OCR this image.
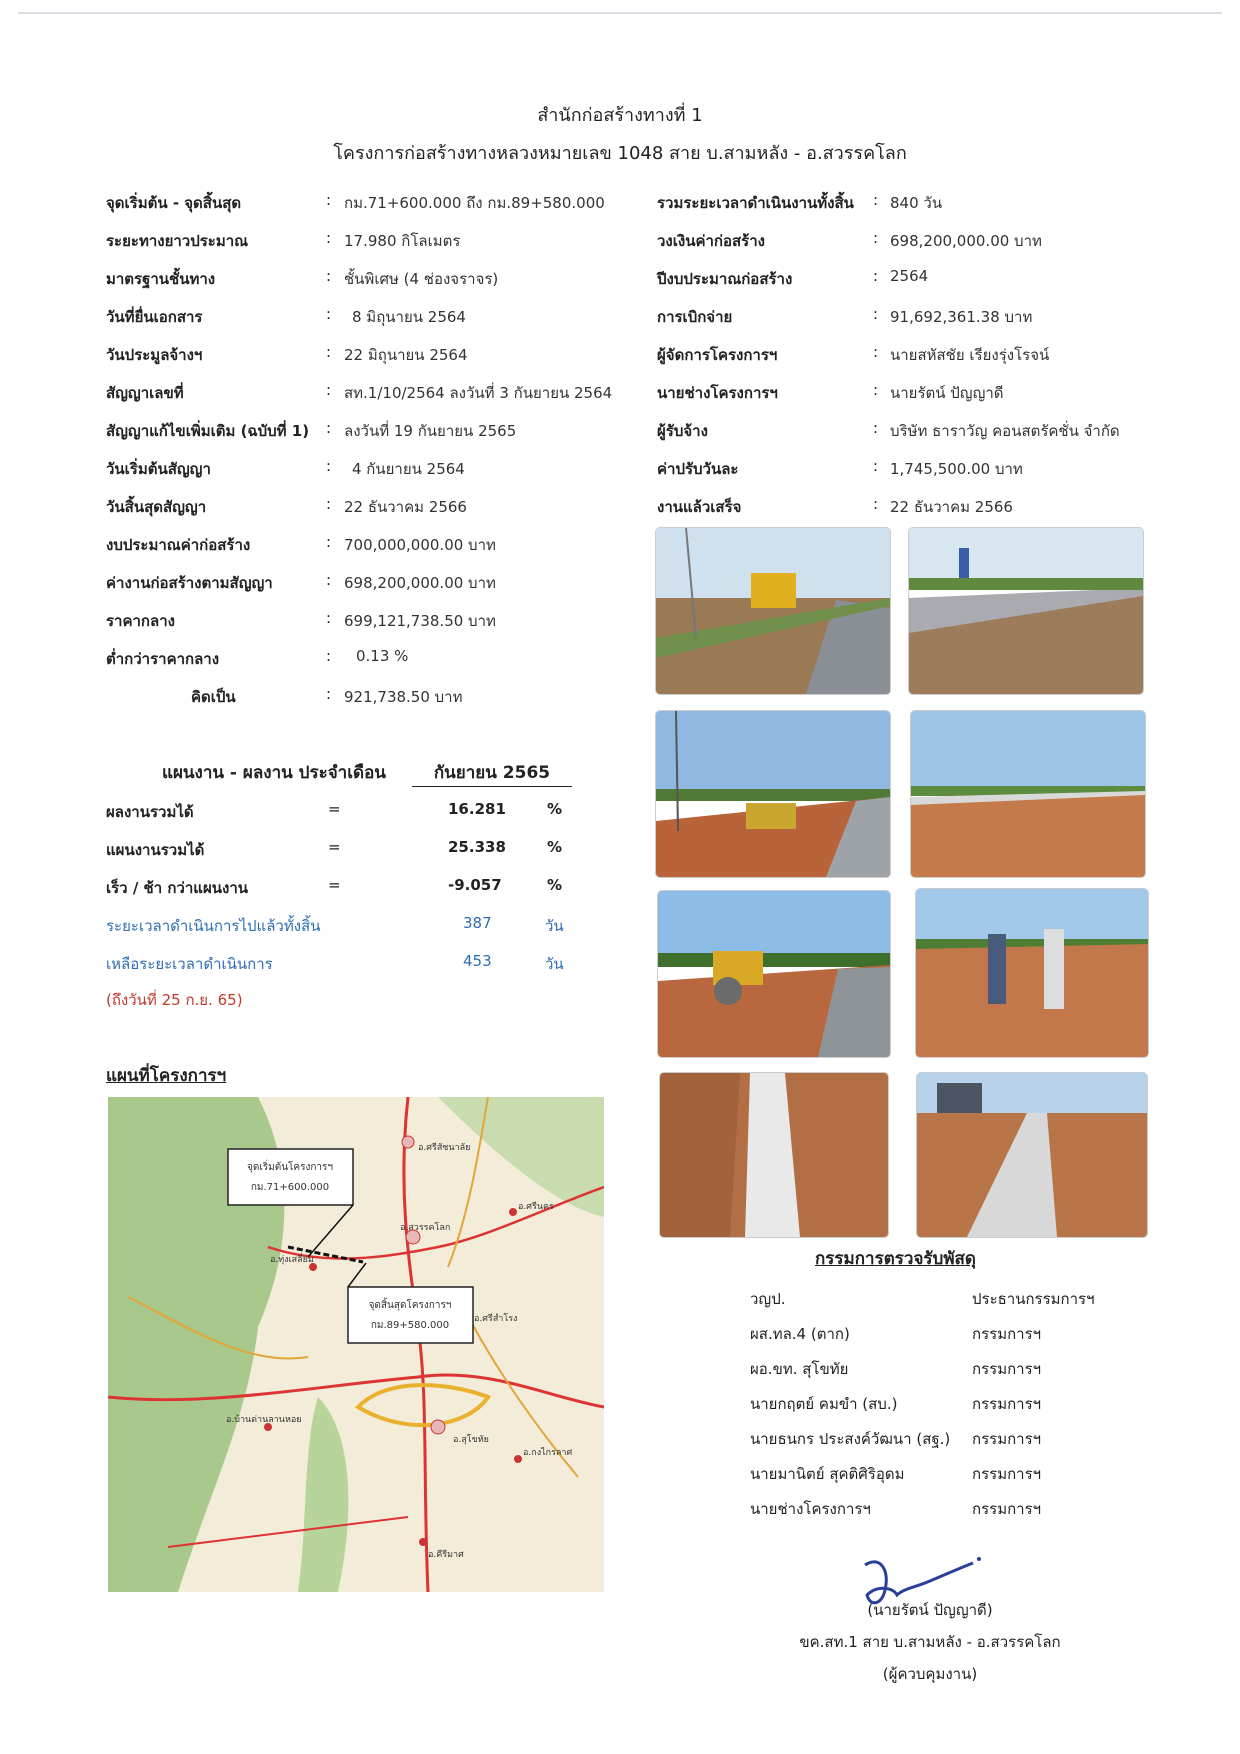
สำนักก่อสร้างทางที่ 1
โครงการก่อสร้างทางหลวงหมายเลข 1048 สาย บ.สามหลัง - อ.สวรรคโลก
จุดเริ่มต้น - จุดสิ้นสุด	: กม.71+600.000 ถึง กม.89+580.000
ระยะทางยาวประมาณ	: 17.980 กิโลเมตร
มาตรฐานชั้นทาง	: ชั้นพิเศษ (4 ช่องจราจร)
วันที่ยื่นเอกสาร	: 8 มิถุนายน 2564
วันประมูลจ้างฯ	: 22 มิถุนายน 2564
สัญญาเลขที่	: สท.1/10/2564 ลงวันที่ 3 กันยายน 2564
สัญญาแก้ไขเพิ่มเติม (ฉบับที่ 1) : ลงวันที่ 19 กันยายน 2565
วันเริ่มต้นสัญญา	: 4 กันยายน 2564
วันสิ้นสุดสัญญา	: 22 ธันวาคม 2566
งบประมาณค่าก่อสร้าง	: 700,000,000.00 บาท
ค่างานก่อสร้างตามสัญญา	: 698,200,000.00 บาท
ราคากลาง	: 699,121,738.50 บาท
ต่ำกว่าราคากลาง	: 0.13 %
คิดเป็น	: 921,738.50 บาท
รวมระยะเวลาดำเนินงานทั้งสิ้น : 840 วัน
วงเงินค่าก่อสร้าง	: 698,200,000.00 บาท
ปีงบประมาณก่อสร้าง	: 2564
การเบิกจ่าย	: 91,692,361.38 บาท
ผู้จัดการโครงการฯ	: นายสหัสชัย เรียงรุ่งโรจน์
นายช่างโครงการฯ	: นายรัตน์ ปัญญาดี
ผู้รับจ้าง	: บริษัท ธาราวัญ คอนสตรัคชั่น จำกัด
ค่าปรับวันละ	: 1,745,500.00 บาท
งานแล้วเสร็จ	: 22 ธันวาคม 2566
แผนงาน - ผลงาน ประจำเดือน	กันยายน 2565
ผลงานรวมได้	=	16.281	%
แผนงานรวมได้	=	25.338	%
เร็ว / ช้า กว่าแผนงาน	=	-9.057	%
ระยะเวลาดำเนินการไปแล้วทั้งสิ้น	387	วัน
เหลือระยะเวลาดำเนินการ	453	วัน
(ถึงวันที่ 25 ก.ย. 65)
แผนที่โครงการฯ
จุดเริ่มต้นโครงการฯ
กม.71+600.000
จุดสิ้นสุดโครงการฯ
กม.89+580.000
อ.ศรีสัชนาลัย
อ.สวรรคโลก
อ.ทุ่งเสลี่ยม
อ.ศรีนคร
อ.ศรีสำโรง
อ.สุโขทัย
อ.กงไกรลาศ
อ.บ้านด่านลานหอย
อ.คีรีมาศ
กรรมการตรวจรับพัสดุ
วญป.	ประธานกรรมการฯ
ผส.ทล.4 (ตาก)	กรรมการฯ
ผอ.ขท. สุโขทัย	กรรมการฯ
นายกฤตย์ คมขำ (สบ.)	กรรมการฯ
นายธนกร ประสงค์วัฒนา (สฐ.) กรรมการฯ
นายมานิตย์ สุคติศิริอุดม	กรรมการฯ
นายช่างโครงการฯ	กรรมการฯ
(นายรัตน์ ปัญญาดี)
ขค.สท.1 สาย บ.สามหลัง - อ.สวรรคโลก
(ผู้ควบคุมงาน)
